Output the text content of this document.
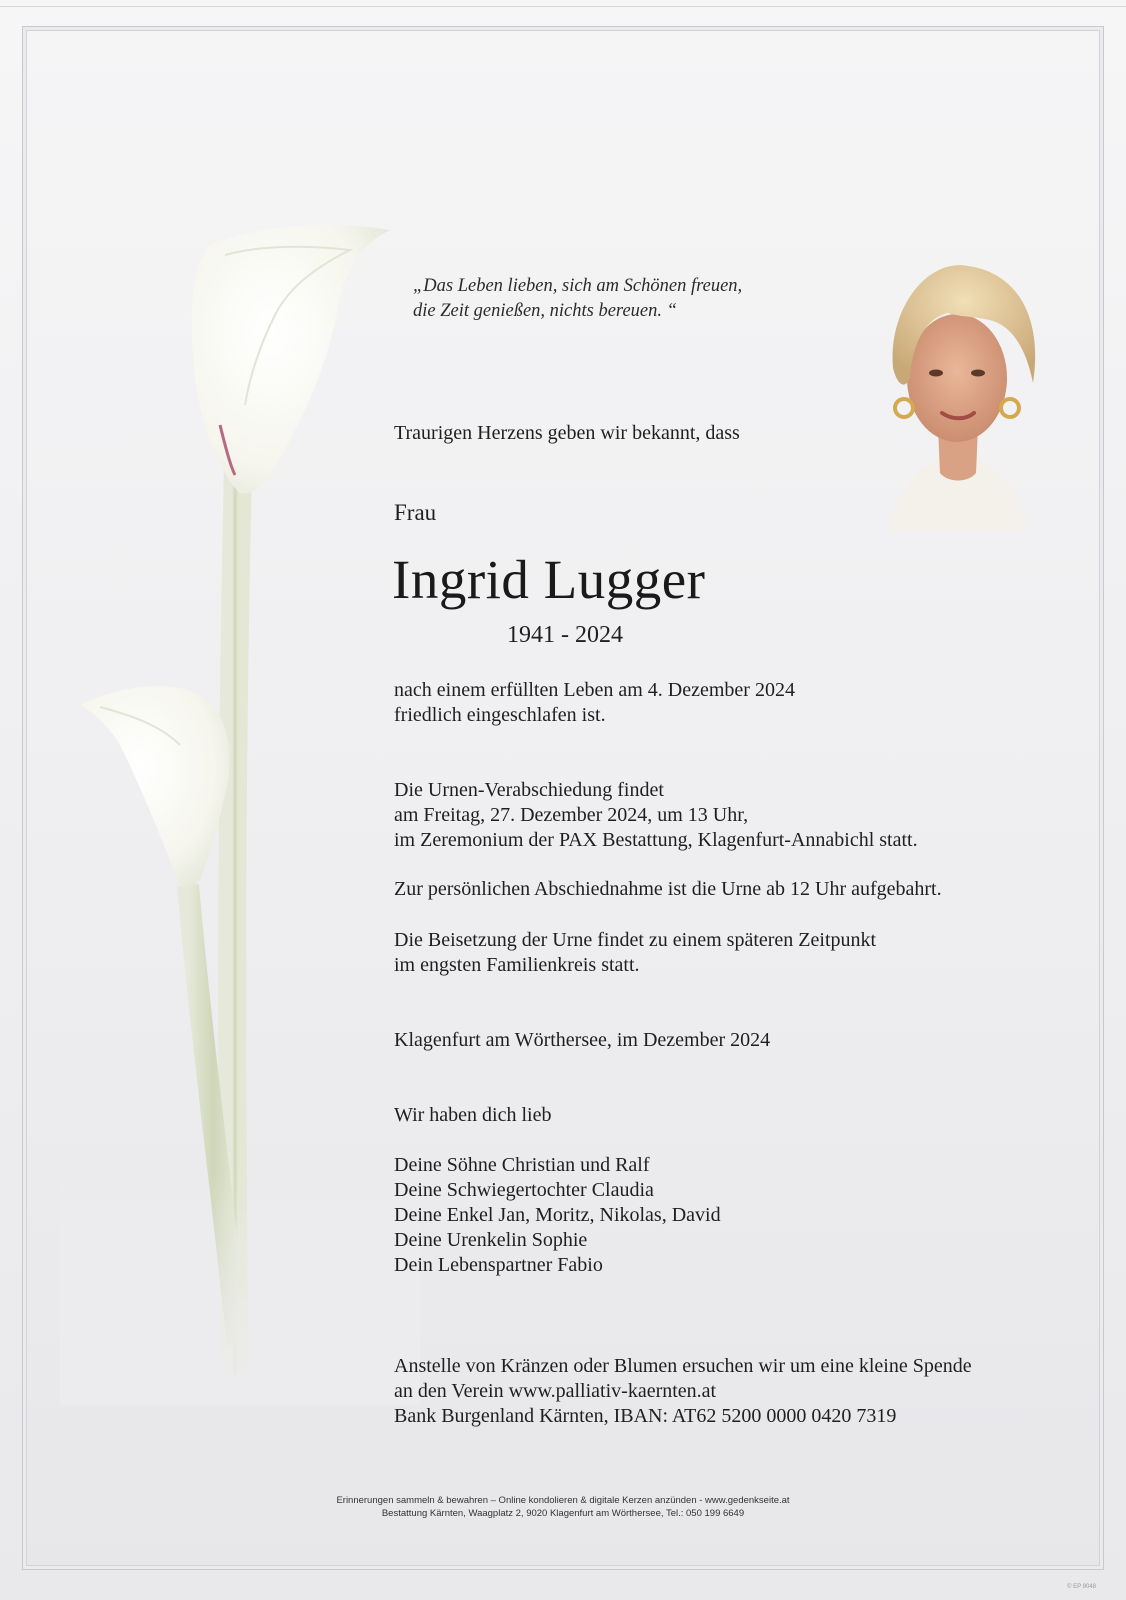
„Das Leben lieben, sich am Schönen freuen,
die Zeit genießen, nichts bereuen. “
Traurigen Herzens geben wir bekannt, dass
Frau
Ingrid Lugger
1941 - 2024
nach einem erfüllten Leben am 4. Dezember 2024
friedlich eingeschlafen ist.
Die Urnen-Verabschiedung findet
am Freitag, 27. Dezember 2024, um 13 Uhr,
im Zeremonium der PAX Bestattung, Klagenfurt-Annabichl statt.
Zur persönlichen Abschiednahme ist die Urne ab 12 Uhr aufgebahrt.
Die Beisetzung der Urne findet zu einem späteren Zeitpunkt
im engsten Familienkreis statt.
Klagenfurt am Wörthersee, im Dezember 2024
Wir haben dich lieb
Deine Söhne Christian und Ralf
Deine Schwiegertochter Claudia
Deine Enkel Jan, Moritz, Nikolas, David
Deine Urenkelin Sophie
Dein Lebenspartner Fabio
Anstelle von Kränzen oder Blumen ersuchen wir um eine kleine Spende
an den Verein www.palliativ-kaernten.at
Bank Burgenland Kärnten, IBAN: AT62 5200 0000 0420 7319
Erinnerungen sammeln & bewahren – Online kondolieren & digitale Kerzen anzünden - www.gedenkseite.at
Bestattung Kärnten, Waagplatz 2, 9020 Klagenfurt am Wörthersee, Tel.: 050 199 6649
© EP 9048
